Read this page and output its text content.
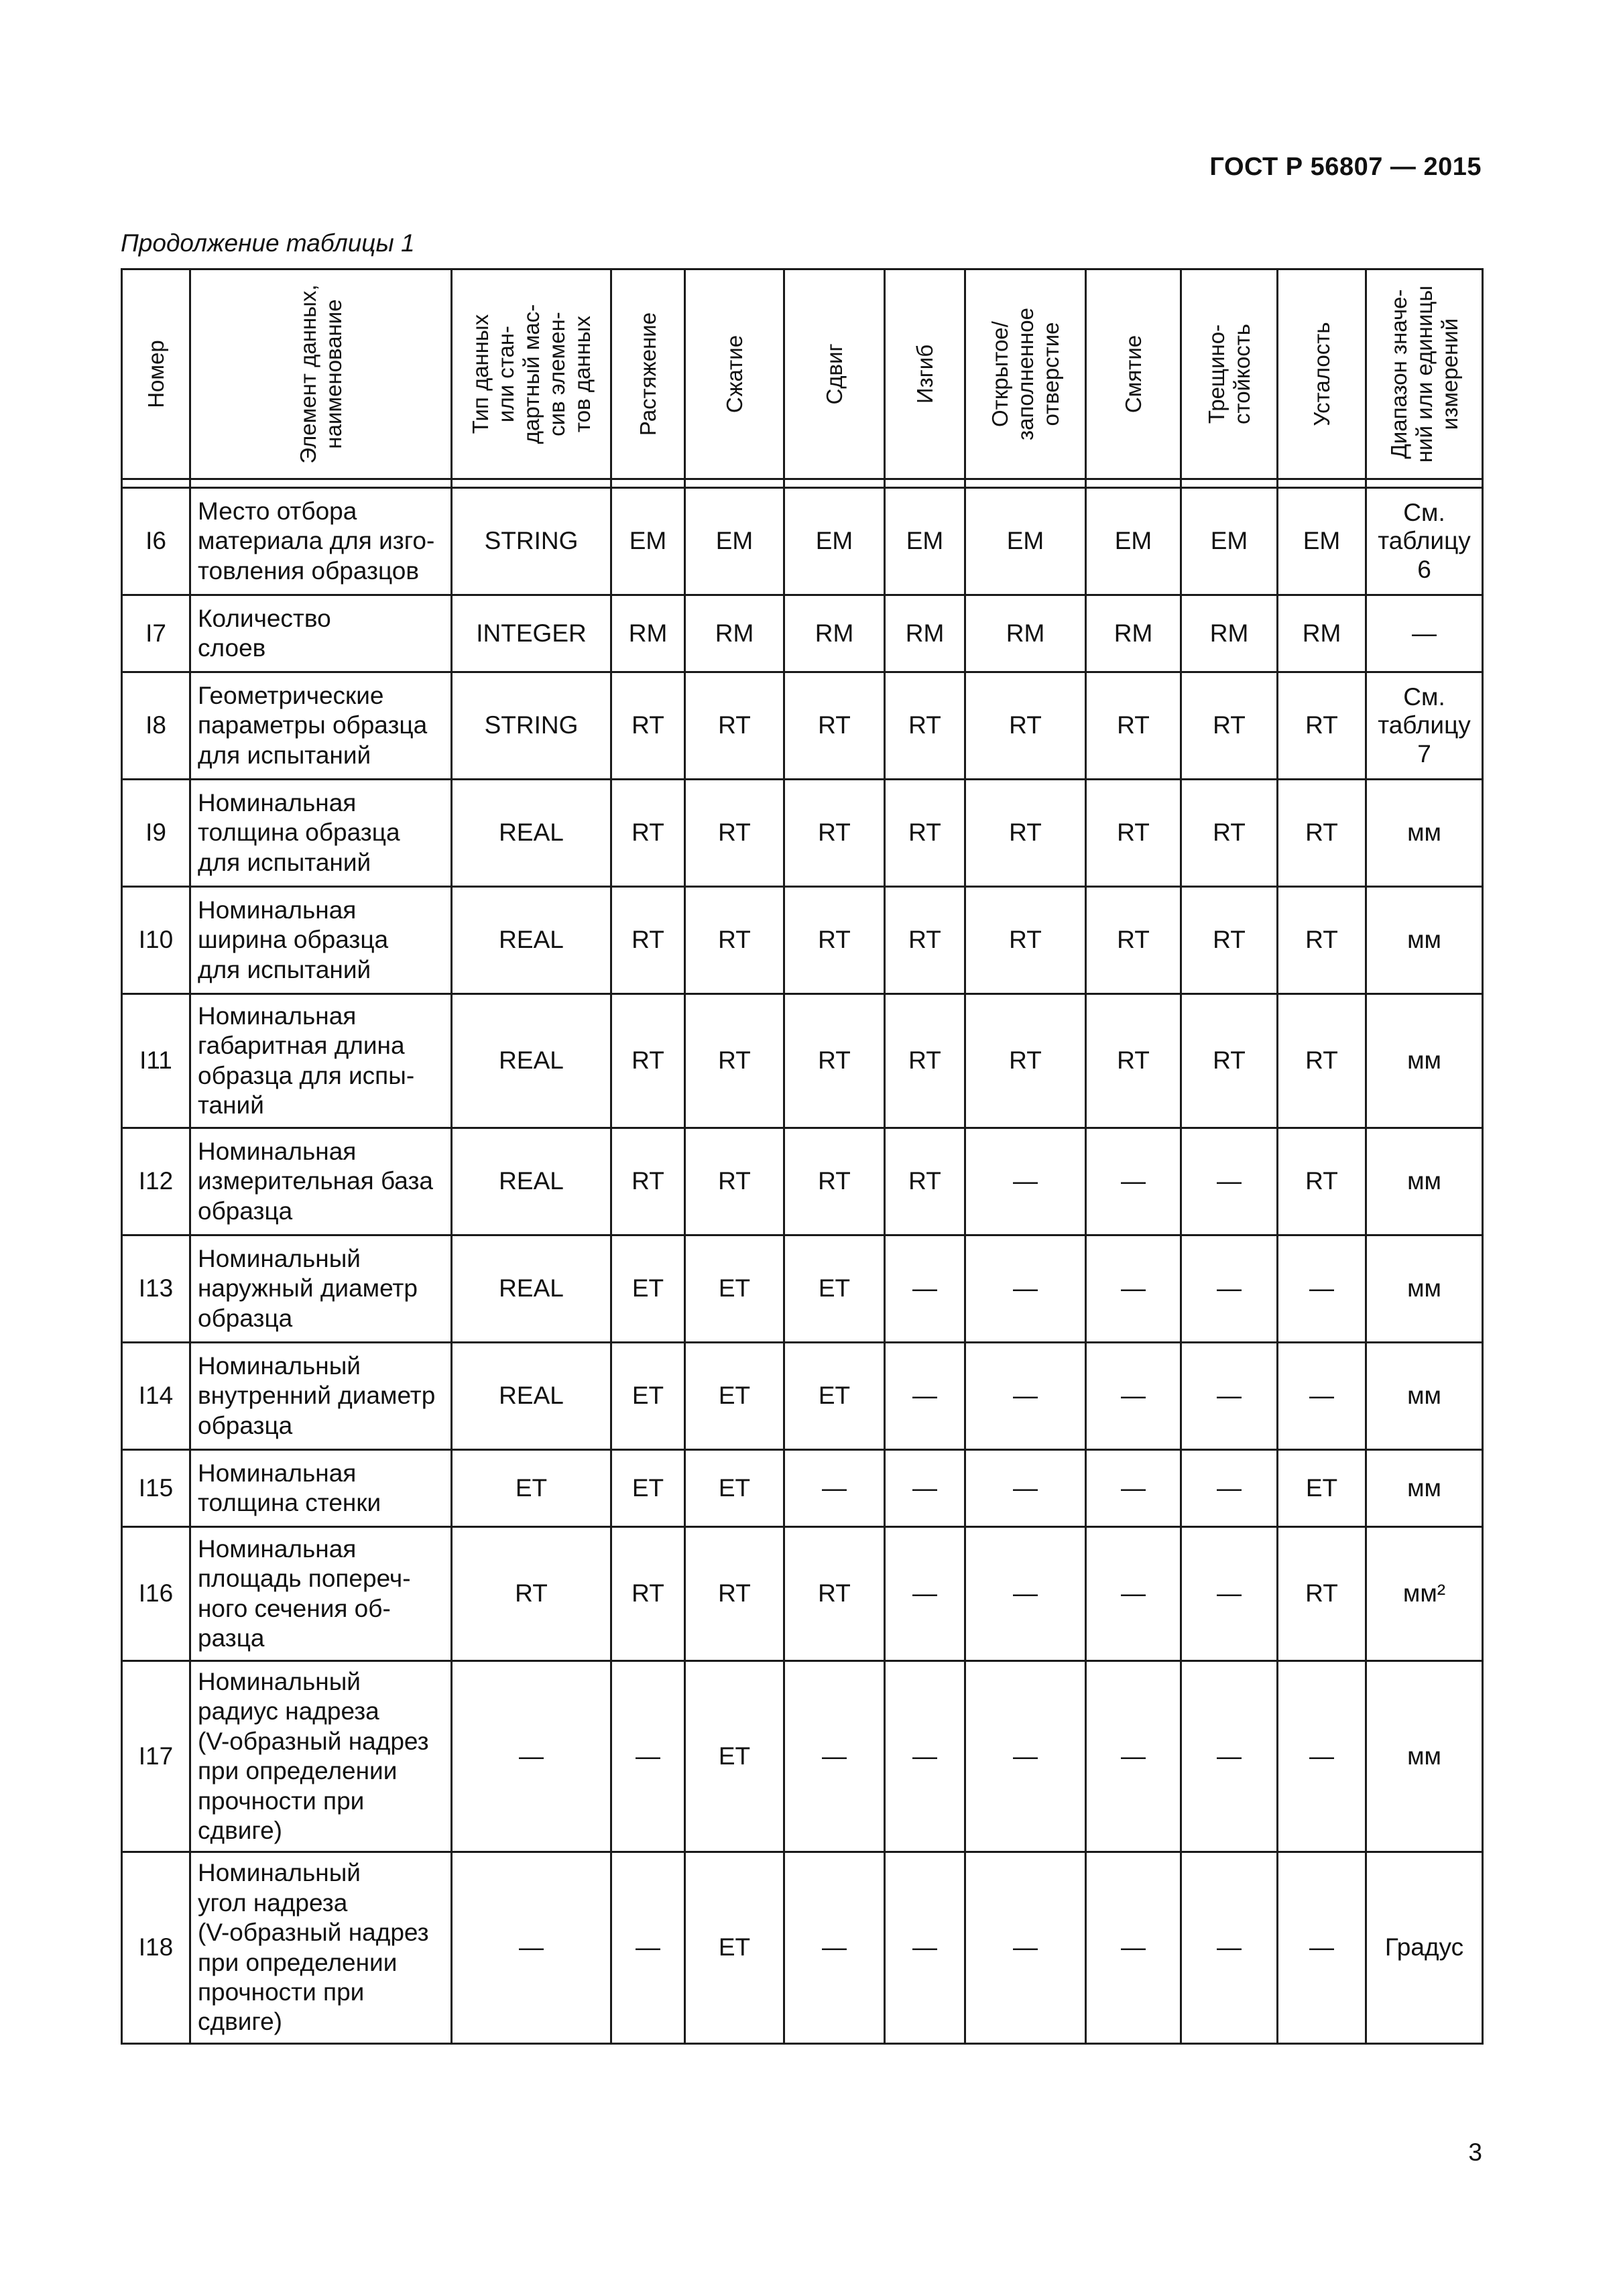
ГОСТ Р 56807 — 2015
Продолжение таблицы 1
Номер	Элемент данных,
наименование	Тип данных
или стан-
дартный мас-
сив элемен-
тов данных	Растяжение	Сжатие	Сдвиг	Изгиб	Открытое/
заполненное
отверстие	Смятие	Трещино-
стойкость	Усталость	Диапазон значе-
ний или единицы
измерений

I6	Место отбора
материала для изго-
товления образцов	STRING	EM	EM	EM	EM	EM	EM	EM	EM	См.
таблицу
6
I7	Количество
слоев	INTEGER	RM	RM	RM	RM	RM	RM	RM	RM	—
I8	Геометрические
параметры образца
для испытаний	STRING	RT	RT	RT	RT	RT	RT	RT	RT	См.
таблицу
7
I9	Номинальная
толщина образца
для испытаний	REAL	RT	RT	RT	RT	RT	RT	RT	RT	мм
I10	Номинальная
ширина образца
для испытаний	REAL	RT	RT	RT	RT	RT	RT	RT	RT	мм
I11	Номинальная
габаритная длина
образца для испы-
таний	REAL	RT	RT	RT	RT	RT	RT	RT	RT	мм
I12	Номинальная
измерительная база
образца	REAL	RT	RT	RT	RT	—	—	—	RT	мм
I13	Номинальный
наружный диаметр
образца	REAL	ET	ET	ET	—	—	—	—	—	мм
I14	Номинальный
внутренний диаметр
образца	REAL	ET	ET	ET	—	—	—	—	—	мм
I15	Номинальная
толщина стенки	ET	ET	ET	—	—	—	—	—	ET	мм
I16	Номинальная
площадь попереч-
ного сечения об-
разца	RT	RT	RT	RT	—	—	—	—	RT	мм²
I17	Номинальный
радиус надреза
(V-образный надрез
при определении
прочности при сдвиге)	—	—	ET	—	—	—	—	—	—	мм
I18	Номинальный
угол надреза
(V-образный надрез
при определении
прочности при сдвиге)	—	—	ET	—	—	—	—	—	—	Градус
3
